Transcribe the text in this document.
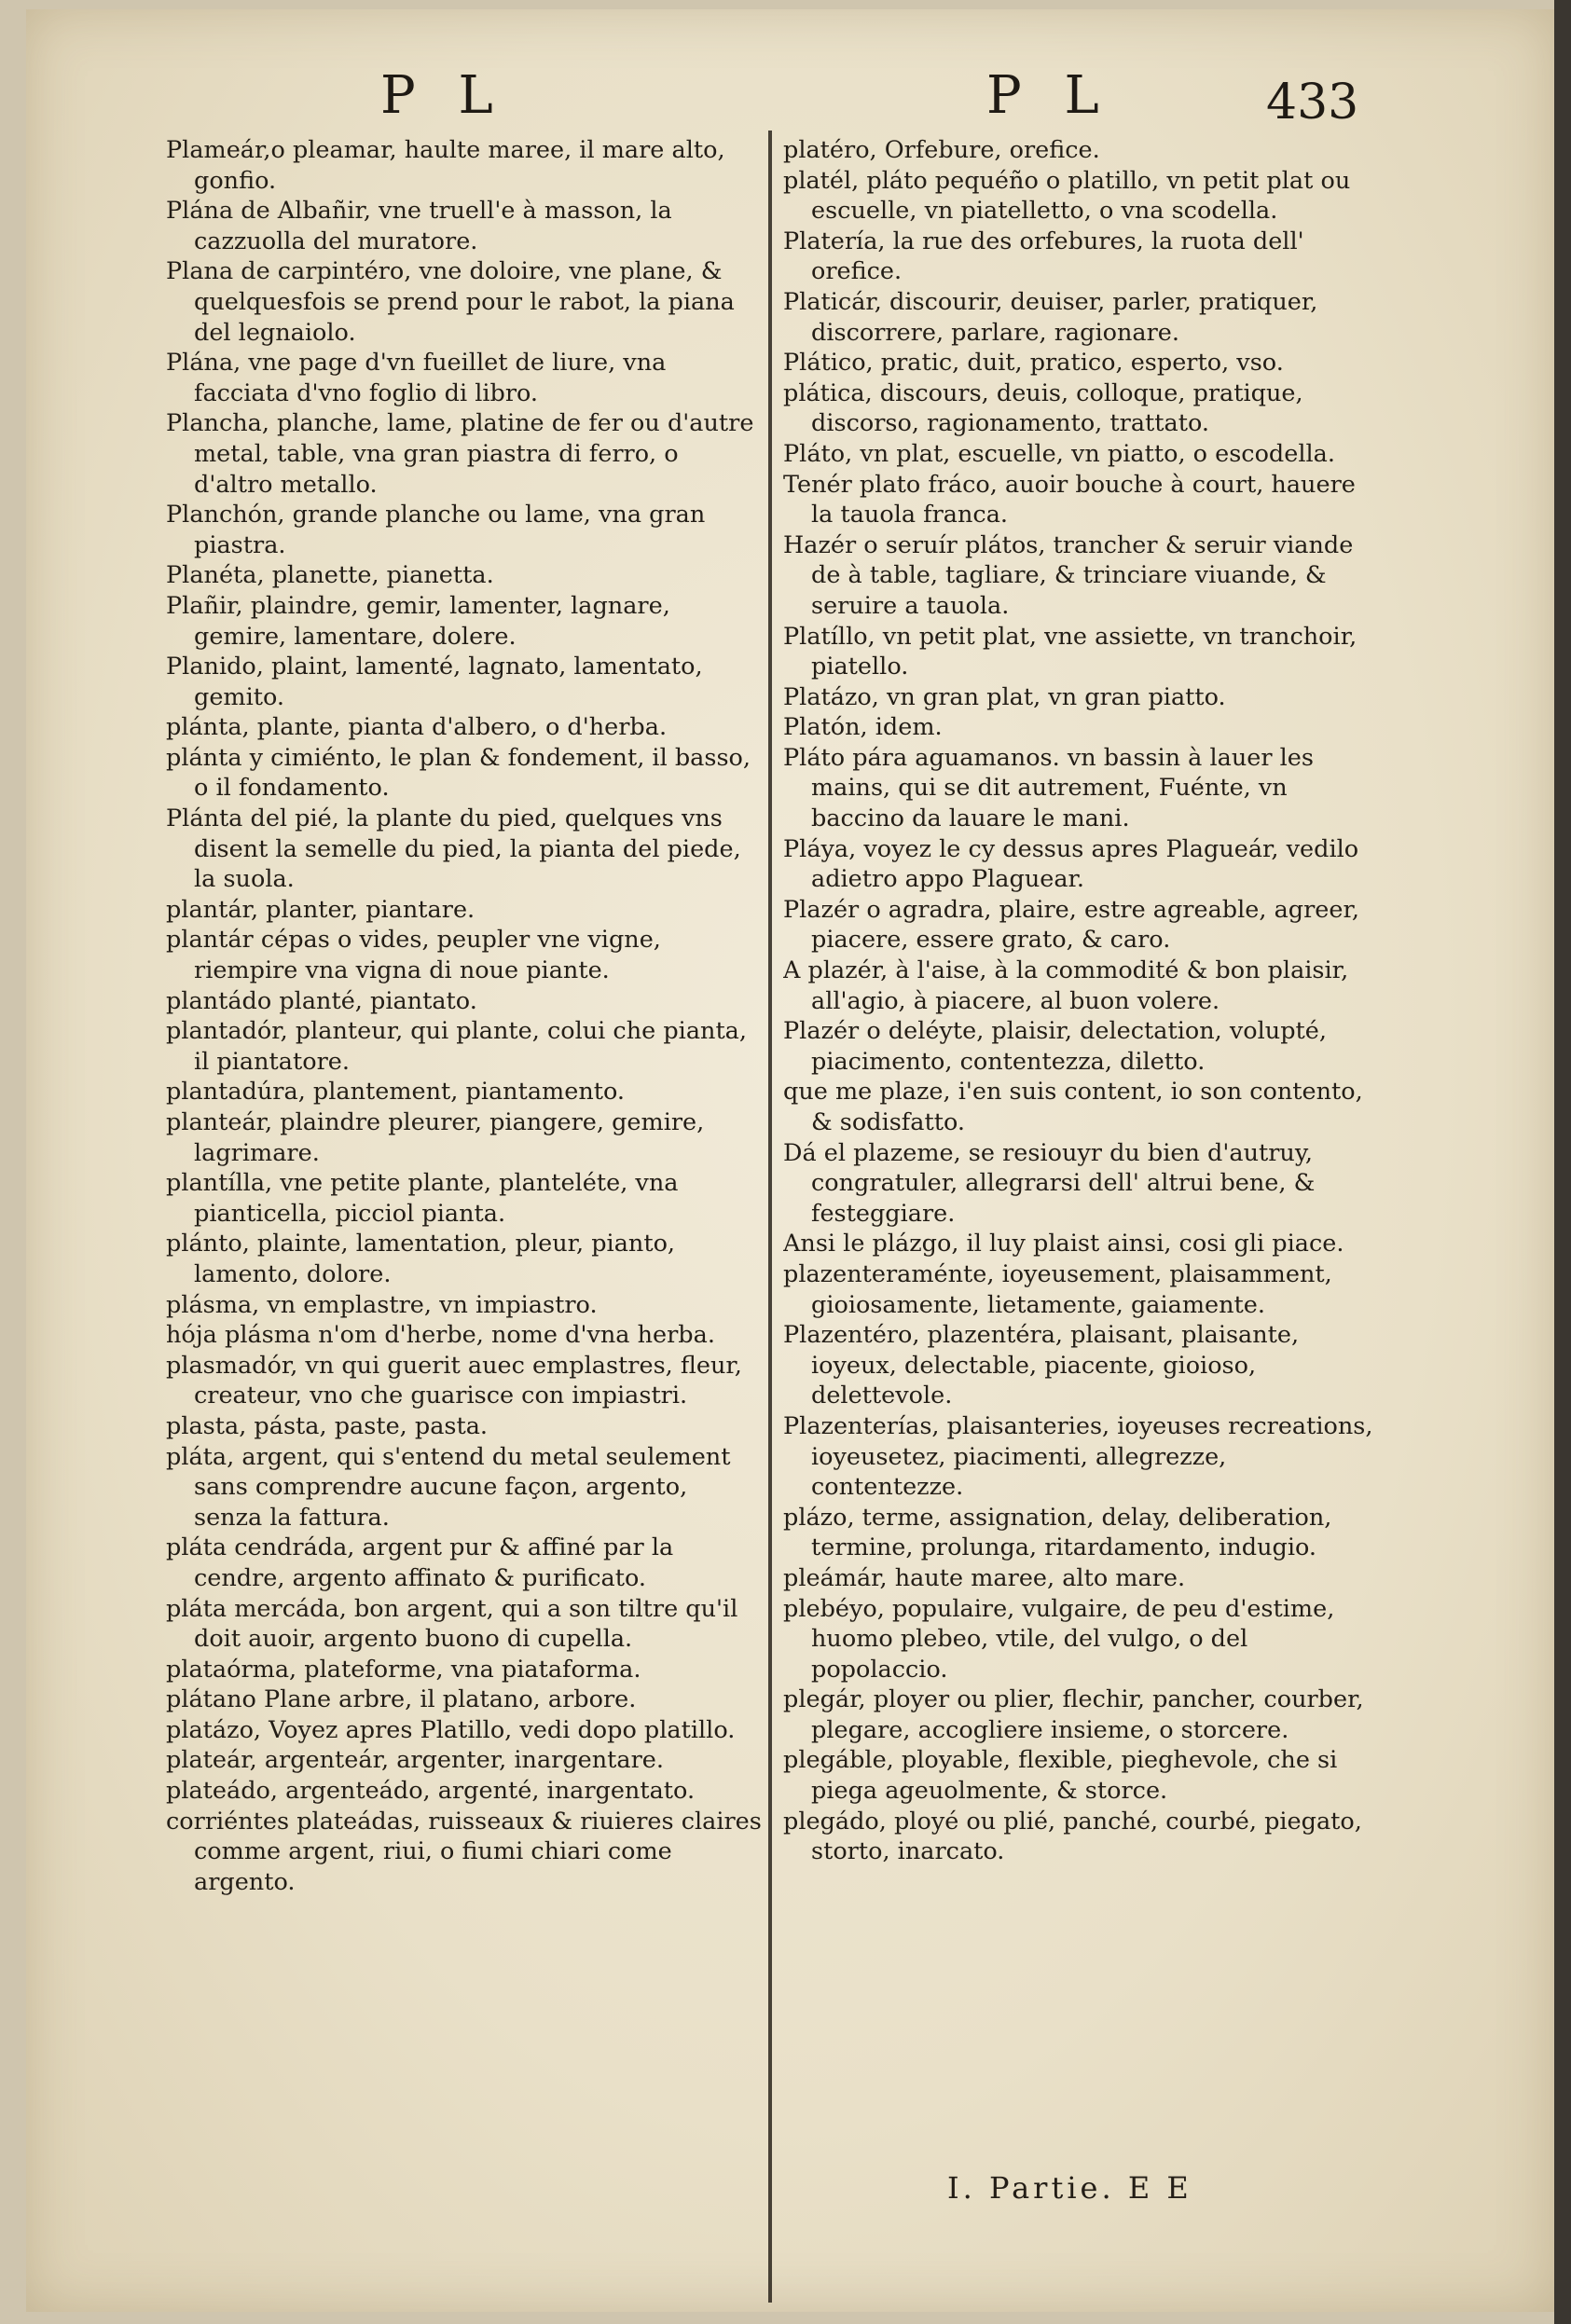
P L	P L	433
Plameár,o pleamar, haulte maree, il mare alto, gonfio.
Plána de Albañir, vne truell'e à masson, la cazzuolla del muratore.
Plana de carpintéro, vne doloire, vne plane, & quelquesfois se prend pour le rabot, la piana del legnaiolo.
Plána, vne page d'vn fueillet de liure, vna facciata d'vno foglio di libro.
Plancha, planche, lame, platine de fer ou d'autre metal, table, vna gran piastra di ferro, o d'altro metallo.
Planchón, grande planche ou lame, vna gran piastra.
Planéta, planette, pianetta.
Plañir, plaindre, gemir, lamenter, lagnare, gemire, lamentare, dolere.
Planido, plaint, lamenté, lagnato, lamentato, gemito.
plánta, plante, pianta d'albero, o d'herba.
plánta y cimiénto, le plan & fondement, il basso, o il fondamento.
Plánta del pié, la plante du pied, quelques vns disent la semelle du pied, la pianta del piede, la suola.
plantár, planter, piantare.
plantár cépas o vides, peupler vne vigne, riempire vna vigna di noue piante.
plantádo planté, piantato.
plantadór, planteur, qui plante, colui che pianta, il piantatore.
plantadúra, plantement, piantamento.
planteár, plaindre pleurer, piangere, gemire, lagrimare.
plantílla, vne petite plante, planteléte, vna pianticella, picciol pianta.
plánto, plainte, lamentation, pleur, pianto, lamento, dolore.
plásma, vn emplastre, vn impiastro.
hója plásma n'om d'herbe, nome d'vna herba.
plasmadór, vn qui guerit auec emplastres, fleur, createur, vno che guarisce con impiastri.
plasta, pásta, paste, pasta.
pláta, argent, qui s'entend du metal seulement sans comprendre aucune façon, argento, senza la fattura.
pláta cendráda, argent pur & affiné par la cendre, argento affinato & purificato.
pláta mercáda, bon argent, qui a son tiltre qu'il doit auoir, argento buono di cupella.
plataórma, plateforme, vna piataforma.
plátano Plane arbre, il platano, arbore.
platázo, Voyez apres Platillo, vedi dopo platillo.
plateár, argenteár, argenter, inargentare.
plateádo, argenteádo, argenté, inargentato.
corriéntes plateádas, ruisseaux & riuieres claires comme argent, riui, o fiumi chiari come argento.
platéro, Orfebure, orefice.
platél, pláto pequéño o platillo, vn petit plat ou escuelle, vn piatelletto, o vna scodella.
Platería, la rue des orfebures, la ruota dell' orefice.
Platicár, discourir, deuiser, parler, pratiquer, discorrere, parlare, ragionare.
Plático, pratic, duit, pratico, esperto, vso.
plática, discours, deuis, colloque, pratique, discorso, ragionamento, trattato.
Pláto, vn plat, escuelle, vn piatto, o escodella.
Tenér plato fráco, auoir bouche à court, hauere la tauola franca.
Hazér o seruír plátos, trancher & seruir viande de à table, tagliare, & trinciare viuande, & seruire a tauola.
Platíllo, vn petit plat, vne assiette, vn tranchoir, piatello.
Platázo, vn gran plat, vn gran piatto.
Platón, idem.
Pláto pára aguamanos. vn bassin à lauer les mains, qui se dit autrement, Fuénte, vn baccino da lauare le mani.
Pláya, voyez le cy dessus apres Plagueár, vedilo adietro appo Plaguear.
Plazér o agradra, plaire, estre agreable, agreer, piacere, essere grato, & caro.
A plazér, à l'aise, à la commodité & bon plaisir, all'agio, à piacere, al buon volere.
Plazér o deléyte, plaisir, delectation, volupté, piacimento, contentezza, diletto.
que me plaze, i'en suis content, io son contento, & sodisfatto.
Dá el plazeme, se resiouyr du bien d'autruy, congratuler, allegrarsi dell' altrui bene, & festeggiare.
Ansi le plázgo, il luy plaist ainsi, cosi gli piace.
plazenteraménte, ioyeusement, plaisamment, gioiosamente, lietamente, gaiamente.
Plazentéro, plazentéra, plaisant, plaisante, ioyeux, delectable, piacente, gioioso, delettevole.
Plazenterías, plaisanteries, ioyeuses recreations, ioyeusetez, piacimenti, allegrezze, contentezze.
plázo, terme, assignation, delay, deliberation, termine, prolunga, ritardamento, indugio.
pleámár, haute maree, alto mare.
plebéyo, populaire, vulgaire, de peu d'estime, huomo plebeo, vtile, del vulgo, o del popolaccio.
plegár, ployer ou plier, flechir, pancher, courber, plegare, accogliere insieme, o storcere.
plegáble, ployable, flexible, pieghevole, che si piega ageuolmente, & storce.
plegádo, ployé ou plié, panché, courbé, piegato, storto, inarcato.
I. Partie. E E
